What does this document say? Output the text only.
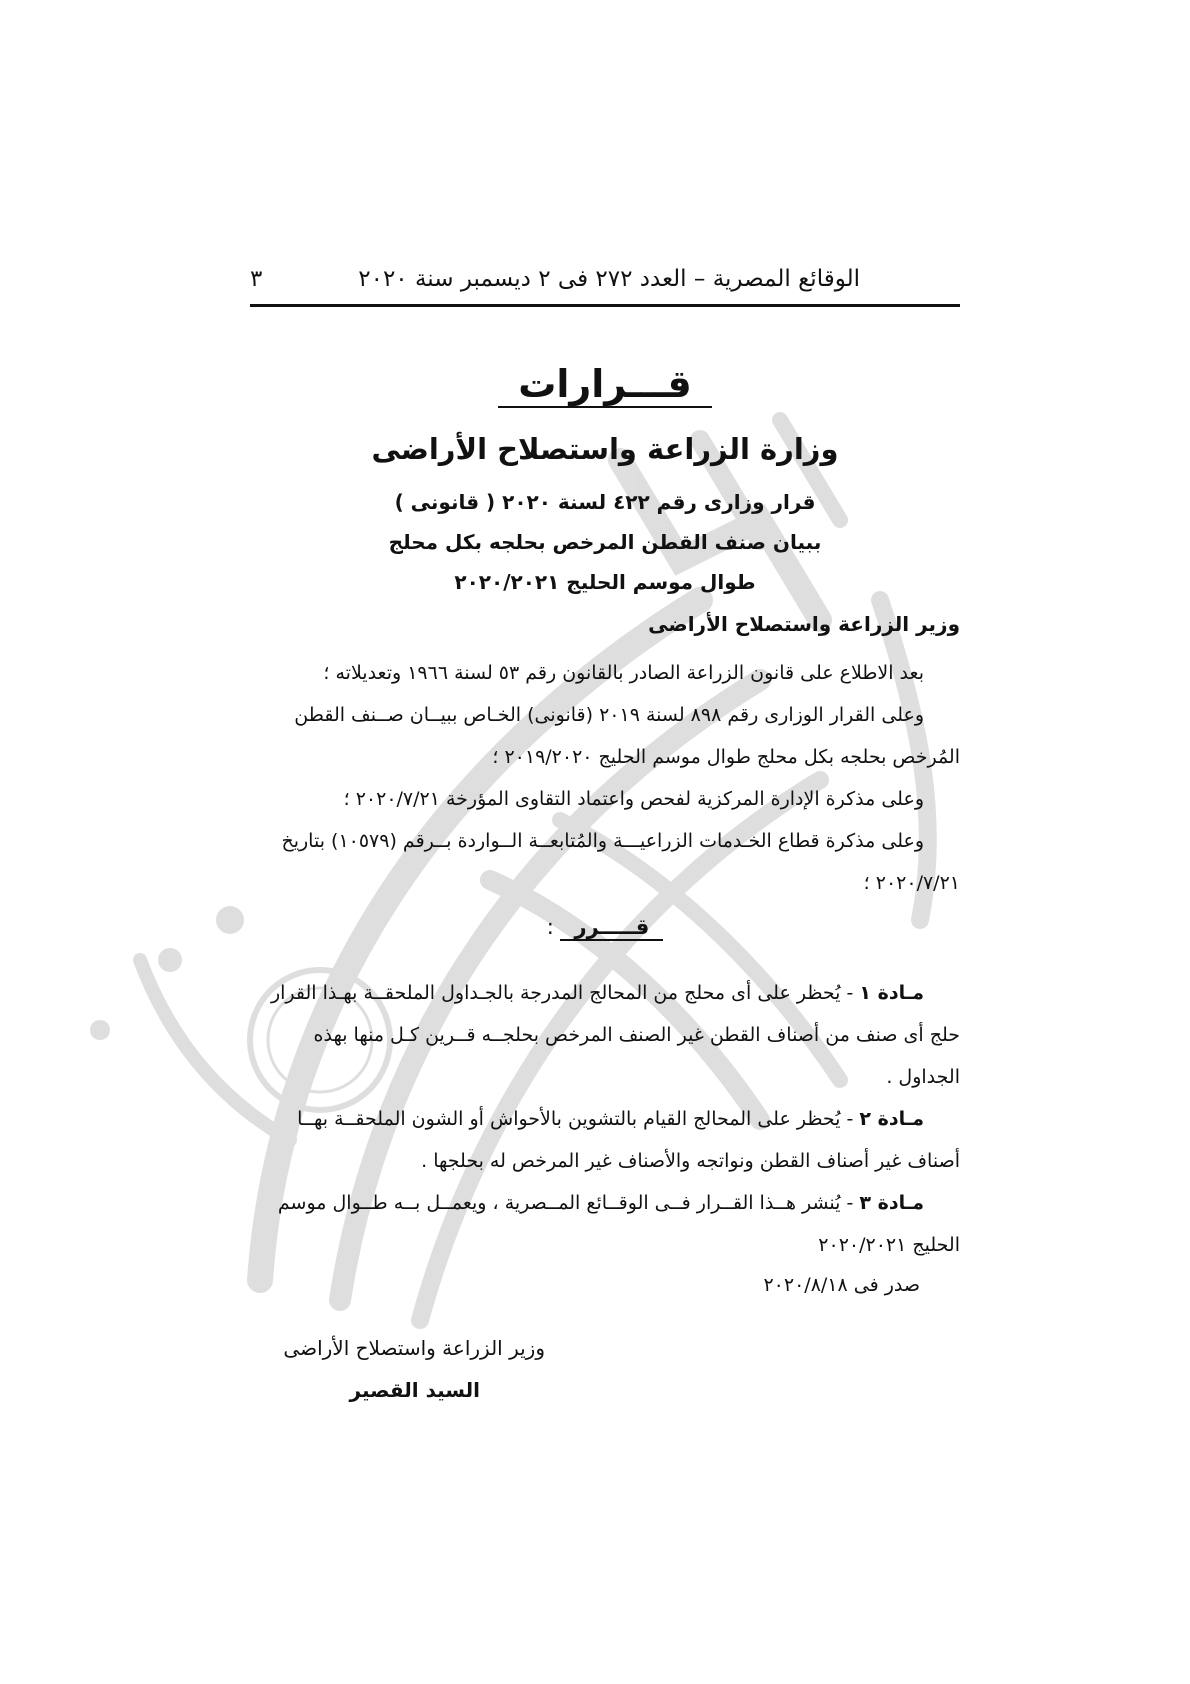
الوقائع المصرية – العدد ٢٧٢ فى ٢ ديسمبر سنة ٢٠٢٠
٣
قـــرارات
وزارة الزراعة واستصلاح الأراضى
قرار وزارى رقم ٤٢٢ لسنة ٢٠٢٠ ( قانونى )
ببيان صنف القطن المرخص بحلجه بكل محلج
طوال موسم الحليج ٢٠٢٠/٢٠٢١
وزير الزراعة واستصلاح الأراضى

بعد الاطلاع على قانون الزراعة الصادر بالقانون رقم ٥٣ لسنة ١٩٦٦ وتعديلاته ؛

وعلى القرار الوزارى رقم ٨٩٨ لسنة ٢٠١٩ (قانونى) الخـاص ببيــان صــنف القطن المُرخص بحلجه بكل محلج طوال موسم الحليج ٢٠١٩/٢٠٢٠ ؛

وعلى مذكرة الإدارة المركزية لفحص واعتماد التقاوى المؤرخة ٢٠٢٠/٧/٢١ ؛

وعلى مذكرة قطاع الخـدمات الزراعيـــة والمُتابعــة الــواردة بــرقم (١٠٥٧٩) بتاريخ ٢٠٢٠/٧/٢١ ؛

قـــــرر :

مـادة ١ - يُحظر على أى محلج من المحالج المدرجة بالجـداول الملحقــة بهـذا القرار حلج أى صنف من أصناف القطن غير الصنف المرخص بحلجــه قــرين كـل منها بهذه الجداول .

مـادة ٢ - يُحظر على المحالج القيام بالتشوين بالأحواش أو الشون الملحقــة بهــا أصناف غير أصناف القطن ونواتجه والأصناف غير المرخص له بحلجها .

مـادة ٣ - يُنشر هــذا القــرار فــى الوقــائع المــصرية ، ويعمــل بــه طــوال موسم الحليج ٢٠٢٠/٢٠٢١

صدر فى ٢٠٢٠/٨/١٨
وزير الزراعة واستصلاح الأراضى
السيد القصير
